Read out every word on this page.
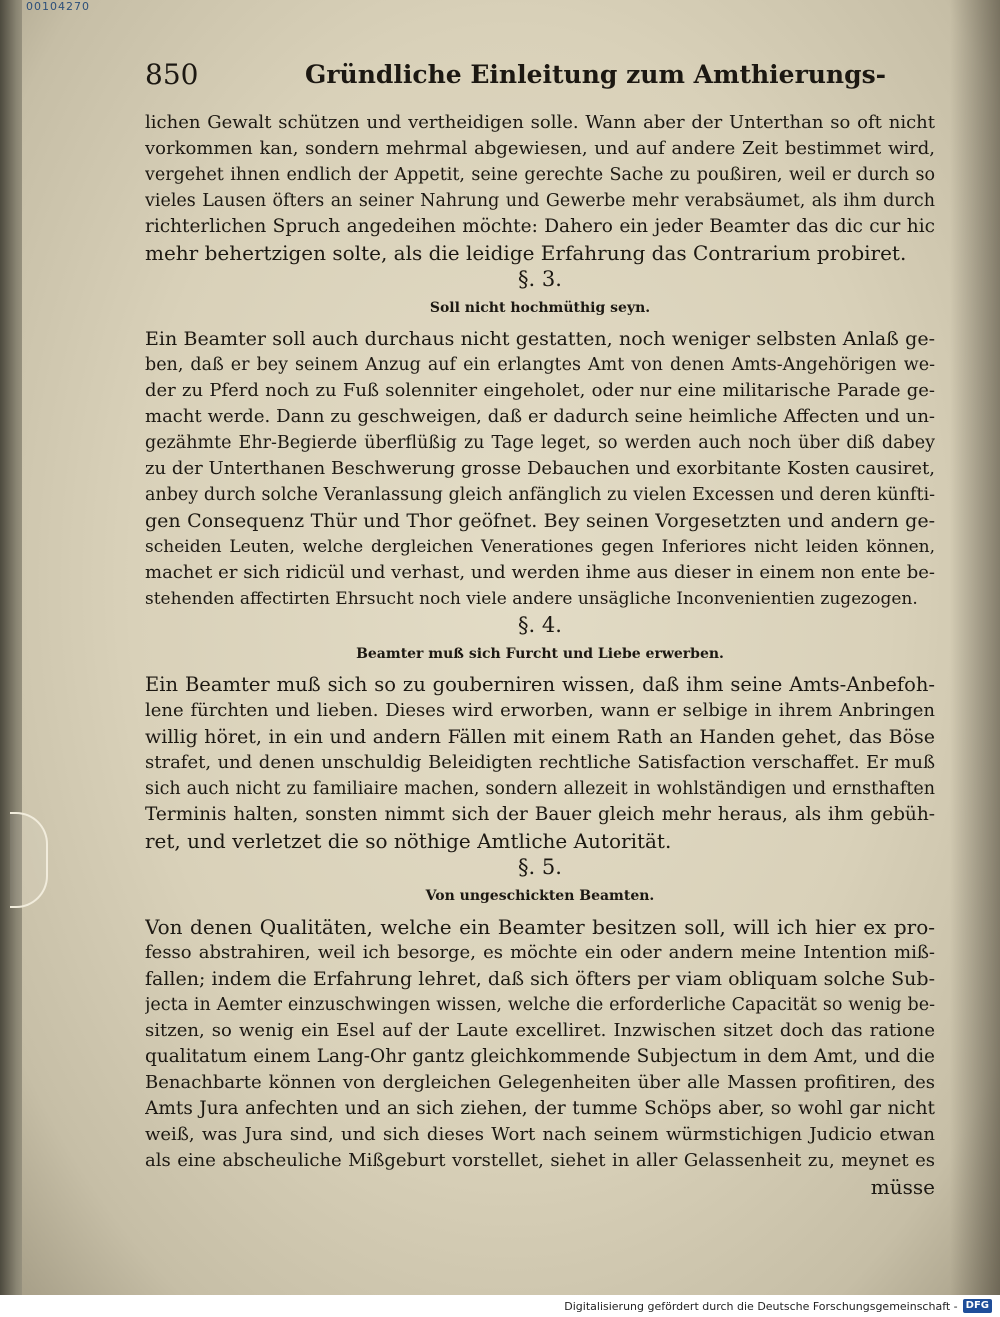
00104270
850	Gründliche Einleitung zum Amthierungs-
lichen Gewalt schützen und vertheidigen solle. Wann aber der Unterthan so oft nicht
vorkommen kan, sondern mehrmal abgewiesen, und auf andere Zeit bestimmet wird,
vergehet ihnen endlich der Appetit, seine gerechte Sache zu poußiren, weil er durch so
vieles Lausen öfters an seiner Nahrung und Gewerbe mehr verabsäumet, als ihm durch
richterlichen Spruch angedeihen möchte: Dahero ein jeder Beamter das dic cur hic
mehr behertzigen solte, als die leidige Erfahrung das Contrarium probiret.
§. 3.
Soll nicht hochmüthig seyn.
Ein Beamter soll auch durchaus nicht gestatten, noch weniger selbsten Anlaß ge-
ben, daß er bey seinem Anzug auf ein erlangtes Amt von denen Amts-Angehörigen we-
der zu Pferd noch zu Fuß solenniter eingeholet, oder nur eine militarische Parade ge-
macht werde. Dann zu geschweigen, daß er dadurch seine heimliche Affecten und un-
gezähmte Ehr-Begierde überflüßig zu Tage leget, so werden auch noch über diß dabey
zu der Unterthanen Beschwerung grosse Debauchen und exorbitante Kosten causiret,
anbey durch solche Veranlassung gleich anfänglich zu vielen Excessen und deren künfti-
gen Consequenz Thür und Thor geöfnet. Bey seinen Vorgesetzten und andern ge-
scheiden Leuten, welche dergleichen Venerationes gegen Inferiores nicht leiden können,
machet er sich ridicül und verhast, und werden ihme aus dieser in einem non ente be-
stehenden affectirten Ehrsucht noch viele andere unsägliche Inconvenientien zugezogen.
§. 4.
Beamter muß sich Furcht und Liebe erwerben.
Ein Beamter muß sich so zu gouberniren wissen, daß ihm seine Amts-Anbefoh-
lene fürchten und lieben. Dieses wird erworben, wann er selbige in ihrem Anbringen
willig höret, in ein und andern Fällen mit einem Rath an Handen gehet, das Böse
strafet, und denen unschuldig Beleidigten rechtliche Satisfaction verschaffet. Er muß
sich auch nicht zu familiaire machen, sondern allezeit in wohlständigen und ernsthaften
Terminis halten, sonsten nimmt sich der Bauer gleich mehr heraus, als ihm gebüh-
ret, und verletzet die so nöthige Amtliche Autorität.
§. 5.
Von ungeschickten Beamten.
Von denen Qualitäten, welche ein Beamter besitzen soll, will ich hier ex pro-
fesso abstrahiren, weil ich besorge, es möchte ein oder andern meine Intention miß-
fallen; indem die Erfahrung lehret, daß sich öfters per viam obliquam solche Sub-
jecta in Aemter einzuschwingen wissen, welche die erforderliche Capacität so wenig be-
sitzen, so wenig ein Esel auf der Laute excelliret. Inzwischen sitzet doch das ratione
qualitatum einem Lang-Ohr gantz gleichkommende Subjectum in dem Amt, und die
Benachbarte können von dergleichen Gelegenheiten über alle Massen profitiren, des
Amts Jura anfechten und an sich ziehen, der tumme Schöps aber, so wohl gar nicht
weiß, was Jura sind, und sich dieses Wort nach seinem würmstichigen Judicio etwan
als eine abscheuliche Mißgeburt vorstellet, siehet in aller Gelassenheit zu, meynet es
müsse
Digitalisierung gefördert durch die Deutsche Forschungsgemeinschaft - DFG
